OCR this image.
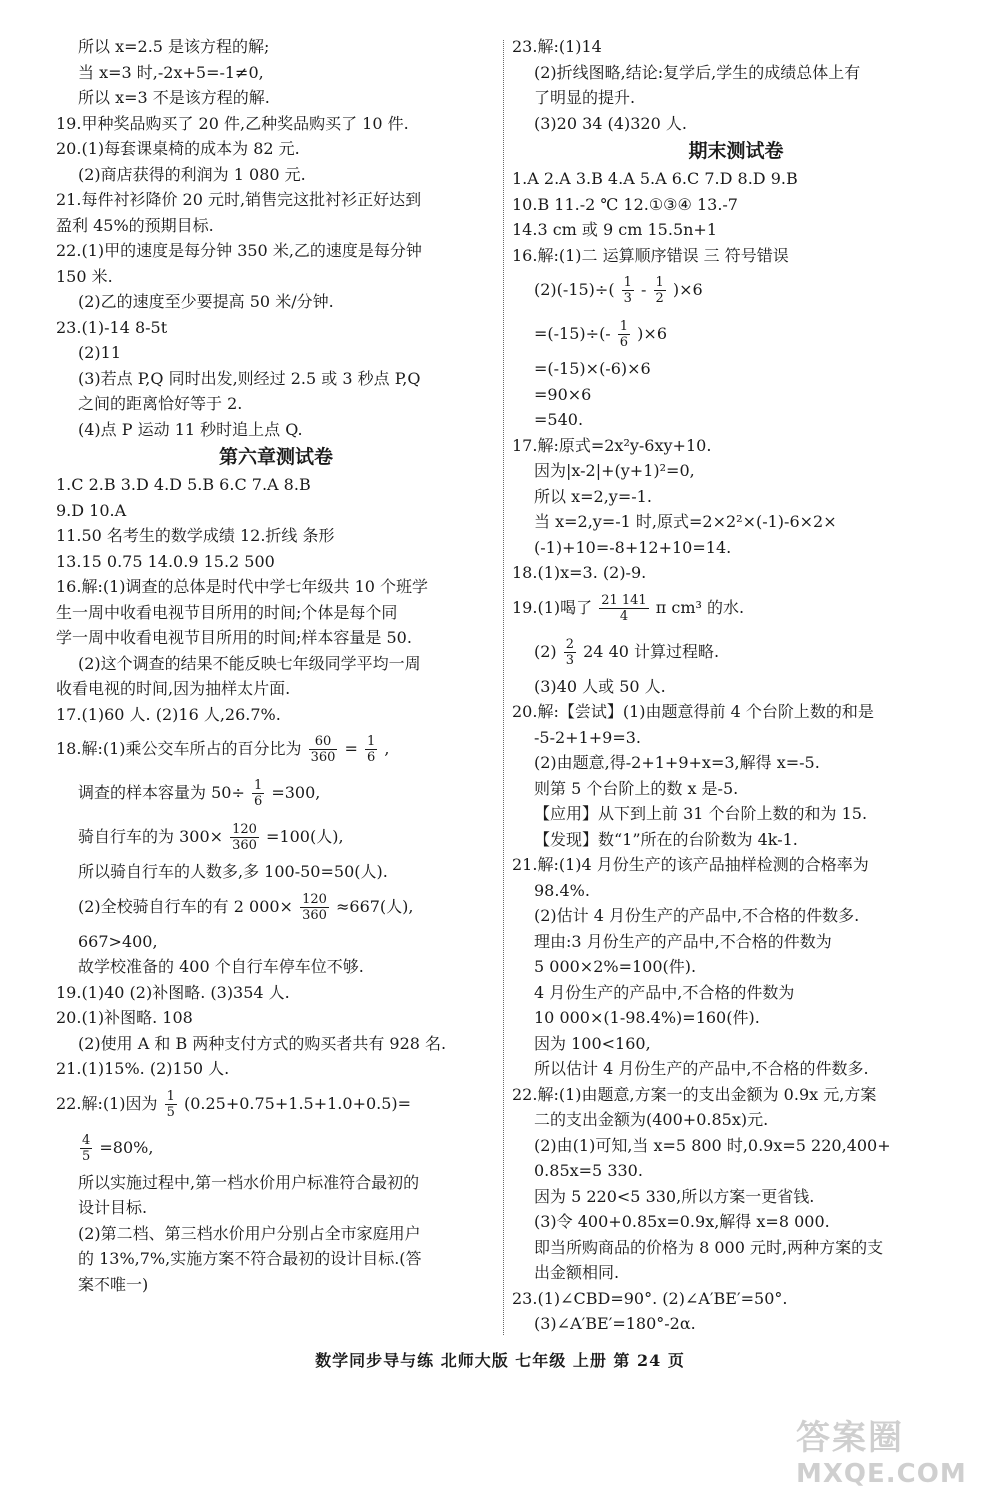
所以 x=2.5 是该方程的解;
当 x=3 时,-2x+5=-1≠0,
所以 x=3 不是该方程的解.
19.甲种奖品购买了 20 件,乙种奖品购买了 10 件.
20.(1)每套课桌椅的成本为 82 元.
(2)商店获得的利润为 1 080 元.
21.每件衬衫降价 20 元时,销售完这批衬衫正好达到
盈利 45%的预期目标.
22.(1)甲的速度是每分钟 350 米,乙的速度是每分钟
150 米.
(2)乙的速度至少要提高 50 米/分钟.
23.(1)-14 8-5t
(2)11
(3)若点 P,Q 同时出发,则经过 2.5 或 3 秒点 P,Q
之间的距离恰好等于 2.
(4)点 P 运动 11 秒时追上点 Q.
第六章测试卷
1.C 2.B 3.D 4.D 5.B 6.C 7.A 8.B
9.D 10.A
11.50 名考生的数学成绩 12.折线 条形
13.15 0.75 14.0.9 15.2 500
16.解:(1)调查的总体是时代中学七年级共 10 个班学
生一周中收看电视节目所用的时间;个体是每个同
学一周中收看电视节目所用的时间;样本容量是 50.
(2)这个调查的结果不能反映七年级同学平均一周
收看电视的时间,因为抽样太片面.
17.(1)60 人. (2)16 人,26.7%.
18.解:(1)乘公交车所占的百分比为 $\frac{60}{360} = \frac{1}{6}$ ,
调查的样本容量为 $50\div \frac{1}{6} =300$,
骑自行车的为 $300\times \frac{120}{360} =100$(人),
所以骑自行车的人数多,多 100-50=50(人).
(2)全校骑自行车的有 2 $000\times \frac{120}{360} \approx 667$(人),
667>400,
故学校准备的 400 个自行车停车位不够.
19.(1)40 (2)补图略. (3)354 人.
20.(1)补图略. 108
(2)使用 A 和 B 两种支付方式的购买者共有 928 名.
21.(1)15%. (2)150 人.
22.解:(1)因为 $\frac{1}{5} (0.25+0.75+1.5+1.0+0.5)=$
$\frac{4}{5} =80\%$,
所以实施过程中,第一档水价用户标准符合最初的
设计目标.
(2)第二档、第三档水价用户分别占全市家庭用户
的 13%,7%,实施方案不符合最初的设计目标.(答
案不唯一)
23.解:(1)14
(2)折线图略,结论:复学后,学生的成绩总体上有
了明显的提升.
(3)20 34 (4)320 人.
期末测试卷
1.A 2.A 3.B 4.A 5.A 6.C 7.D 8.D 9.B
10.B 11.-2 ℃ 12.①③④ 13.-7
14.3 cm 或 9 cm 15.5n+1
16.解:(1)二 运算顺序错误 三 符号错误
$(2)(-15)\div( \frac{1}{3} - \frac{1}{2} )\times 6$
$=(-15)\div(- \frac{1}{6} )\times 6$
=(-15)×(-6)×6
=90×6
=540.
17.解:原式=2x²y-6xy+10.
因为|x-2|+(y+1)²=0,
所以 x=2,y=-1.
当 x=2,y=-1 时,原式=2×2²×(-1)-6×2×
(-1)+10=-8+12+10=14.
18.(1)x=3. (2)-9.
19.(1)喝了 $\frac{21 141}{4}$ π cm³ 的水.
$(2) \frac{2}{3} 24$ 40 计算过程略.
(3)40 人或 50 人.
20.解:【尝试】(1)由题意得前 4 个台阶上数的和是
-5-2+1+9=3.
(2)由题意,得-2+1+9+x=3,解得 x=-5.
则第 5 个台阶上的数 x 是-5.
【应用】从下到上前 31 个台阶上数的和为 15.
【发现】数“1”所在的台阶数为 4k-1.
21.解:(1)4 月份生产的该产品抽样检测的合格率为
98.4%.
(2)估计 4 月份生产的产品中,不合格的件数多.
理由:3 月份生产的产品中,不合格的件数为
5 000×2%=100(件).
4 月份生产的产品中,不合格的件数为
10 000×(1-98.4%)=160(件).
因为 100<160,
所以估计 4 月份生产的产品中,不合格的件数多.
22.解:(1)由题意,方案一的支出金额为 0.9x 元,方案
二的支出金额为(400+0.85x)元.
(2)由(1)可知,当 x=5 800 时,0.9x=5 220,400+
0.85x=5 330.
因为 5 220<5 330,所以方案一更省钱.
(3)令 400+0.85x=0.9x,解得 x=8 000.
即当所购商品的价格为 8 000 元时,两种方案的支
出金额相同.
23.(1)∠CBD=90°. (2)∠A′BE′=50°.
(3)∠A′BE′=180°-2α.
数学同步导与练 北师大版 七年级 上册 第 24 页
答案圈
MXQE.COM
